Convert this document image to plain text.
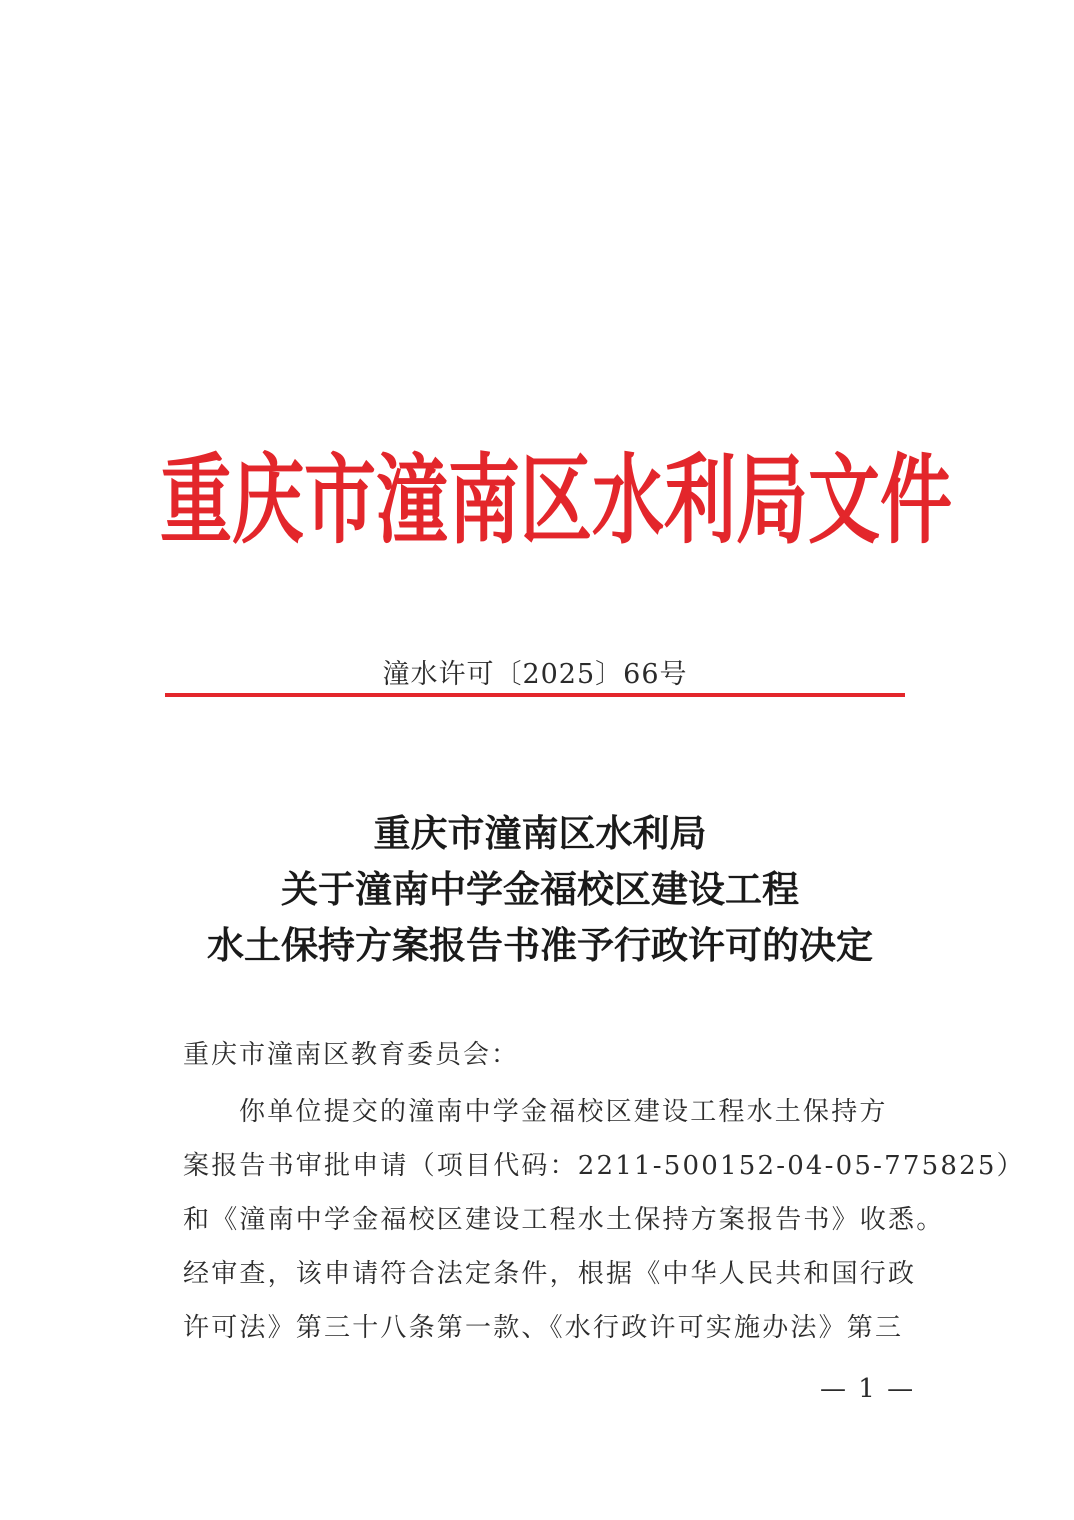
重庆市潼南区水利局文件
潼水许可〔2025〕66号
重庆市潼南区水利局
关于潼南中学金福校区建设工程
水土保持方案报告书准予行政许可的决定
重庆市潼南区教育委员会：
你单位提交的潼南中学金福校区建设工程水土保持方
案报告书审批申请（项目代码：2211-500152-04-05-775825）
和《潼南中学金福校区建设工程水土保持方案报告书》收悉。
经审查，该申请符合法定条件，根据《中华人民共和国行政
许可法》第三十八条第一款、《水行政许可实施办法》第三
— 1 —
